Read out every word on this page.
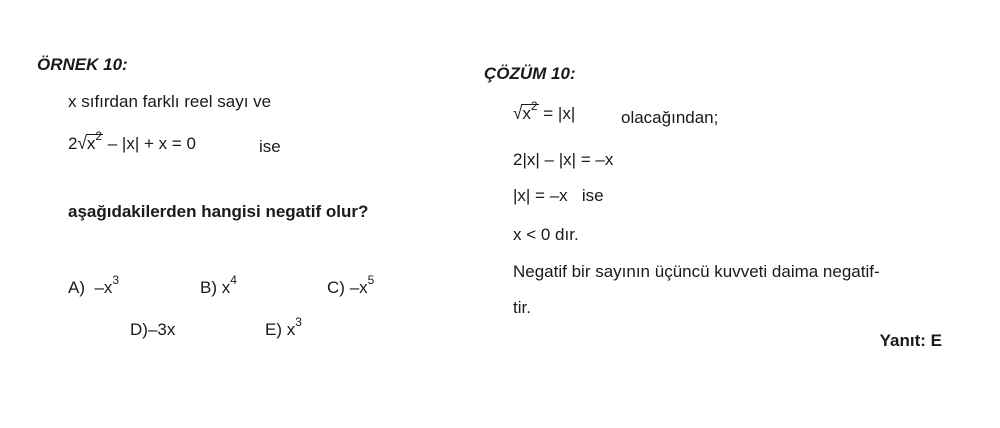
ÖRNEK 10:
x sıfırdan farklı reel sayı ve
$2√x^2 - |x| + x = 0$	ise
aşağıdakilerden hangisi negatif olur?
A) $-x^3$	B) $x^4$	C) $-x^5$
D)–3x	E) $x^3$
ÇÖZÜM 10:
$√x^2 = |x|$	olacağından;
2|x| – |x| = –x
|x| = –x ise
x < 0 dır.
Negatif bir sayının üçüncü kuvveti daima negatif-
tir.
Yanıt: E
